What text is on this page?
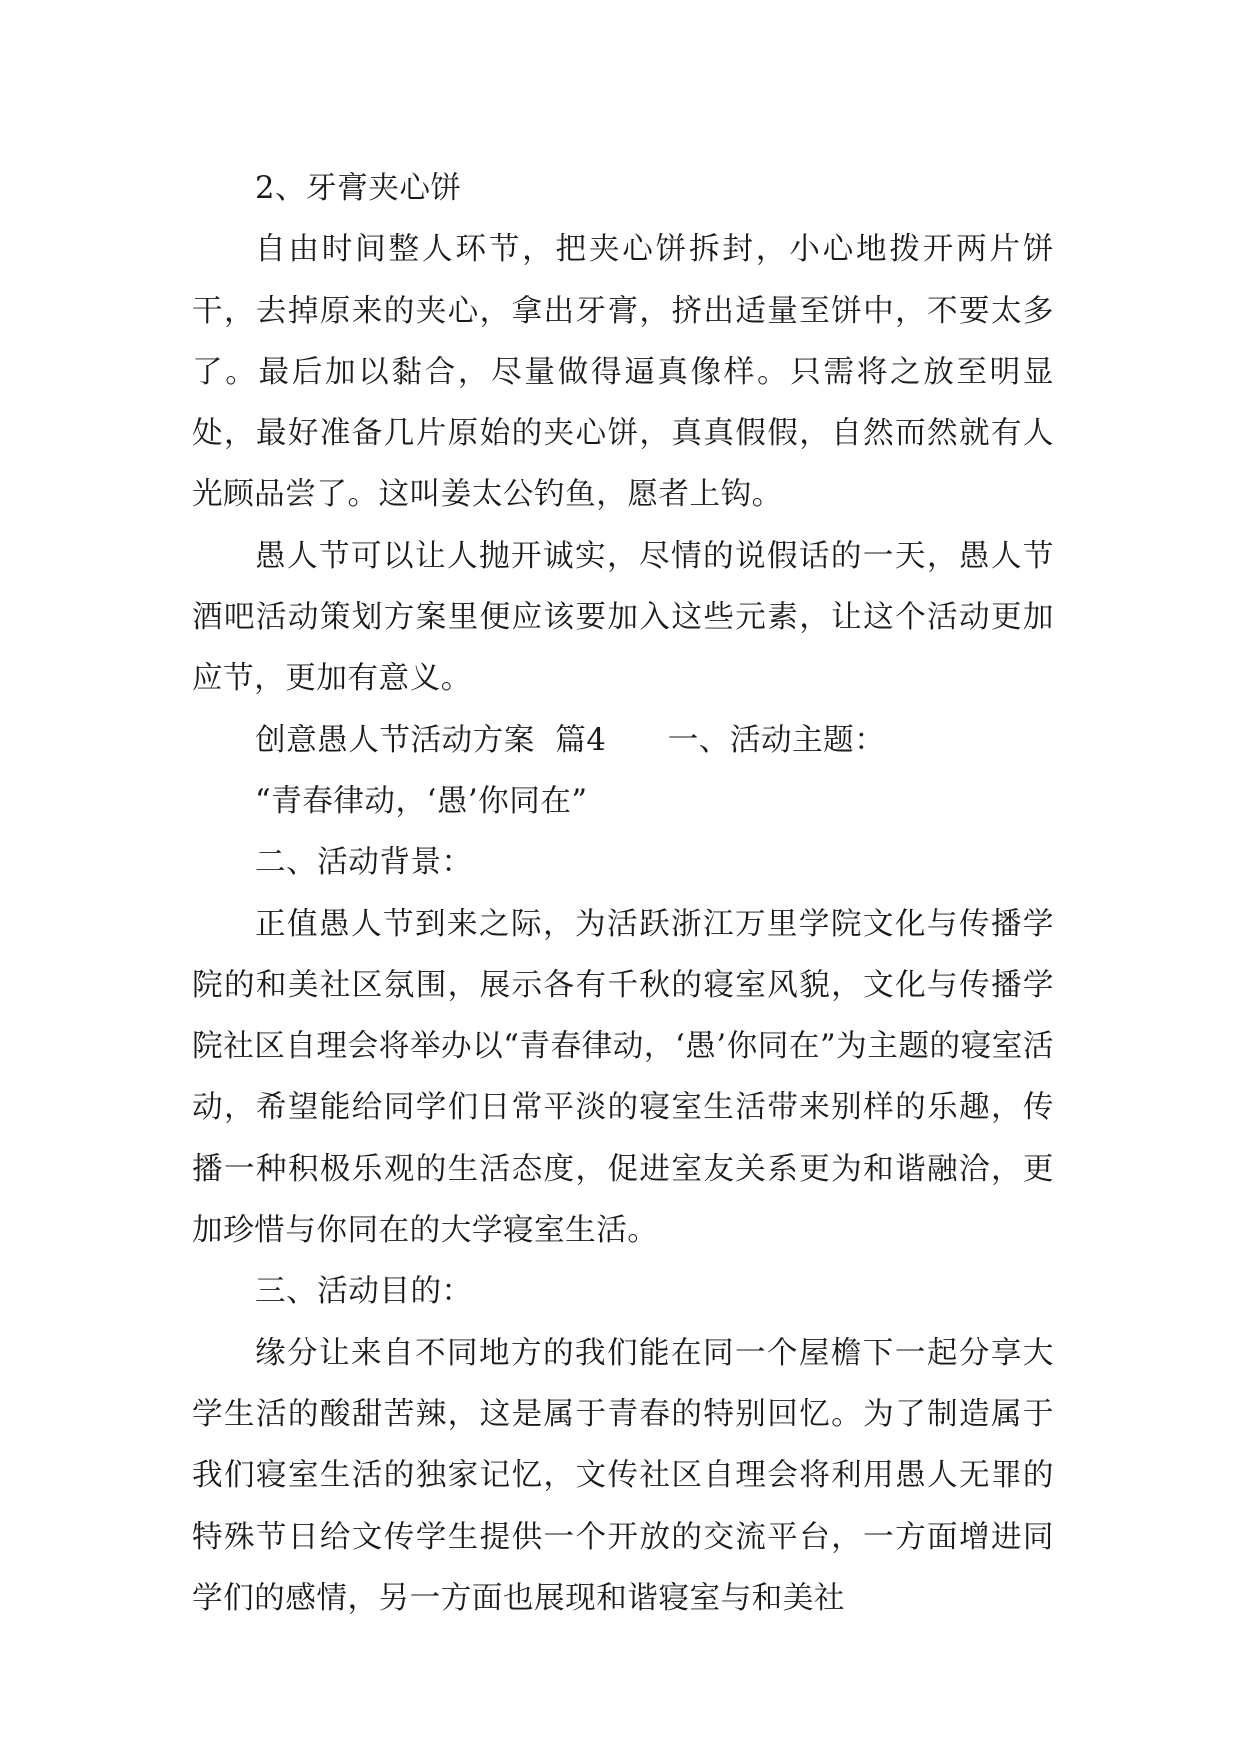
2、牙膏夹心饼

自由时间整人环节，把夹心饼拆封，小心地拨开两片饼干，去掉原来的夹心，拿出牙膏，挤出适量至饼中，不要太多了。最后加以黏合，尽量做得逼真像样。只需将之放至明显处，最好准备几片原始的夹心饼，真真假假，自然而然就有人光顾品尝了。这叫姜太公钓鱼，愿者上钩。

愚人节可以让人抛开诚实，尽情的说假话的一天，愚人节酒吧活动策划方案里便应该要加入这些元素，让这个活动更加应节，更加有意义。

创意愚人节活动方案  篇4      一、活动主题：

“青春律动，‘愚’你同在”

二、活动背景：

正值愚人节到来之际，为活跃浙江万里学院文化与传播学院的和美社区氛围，展示各有千秋的寝室风貌，文化与传播学院社区自理会将举办以“青春律动，‘愚’你同在”为主题的寝室活动，希望能给同学们日常平淡的寝室生活带来别样的乐趣，传播一种积极乐观的生活态度，促进室友关系更为和谐融洽，更加珍惜与你同在的大学寝室生活。

三、活动目的：

缘分让来自不同地方的我们能在同一个屋檐下一起分享大学生活的酸甜苦辣，这是属于青春的特别回忆。为了制造属于我们寝室生活的独家记忆，文传社区自理会将利用愚人无罪的特殊节日给文传学生提供一个开放的交流平台，一方面增进同学们的感情，另一方面也展现和谐寝室与和美社
